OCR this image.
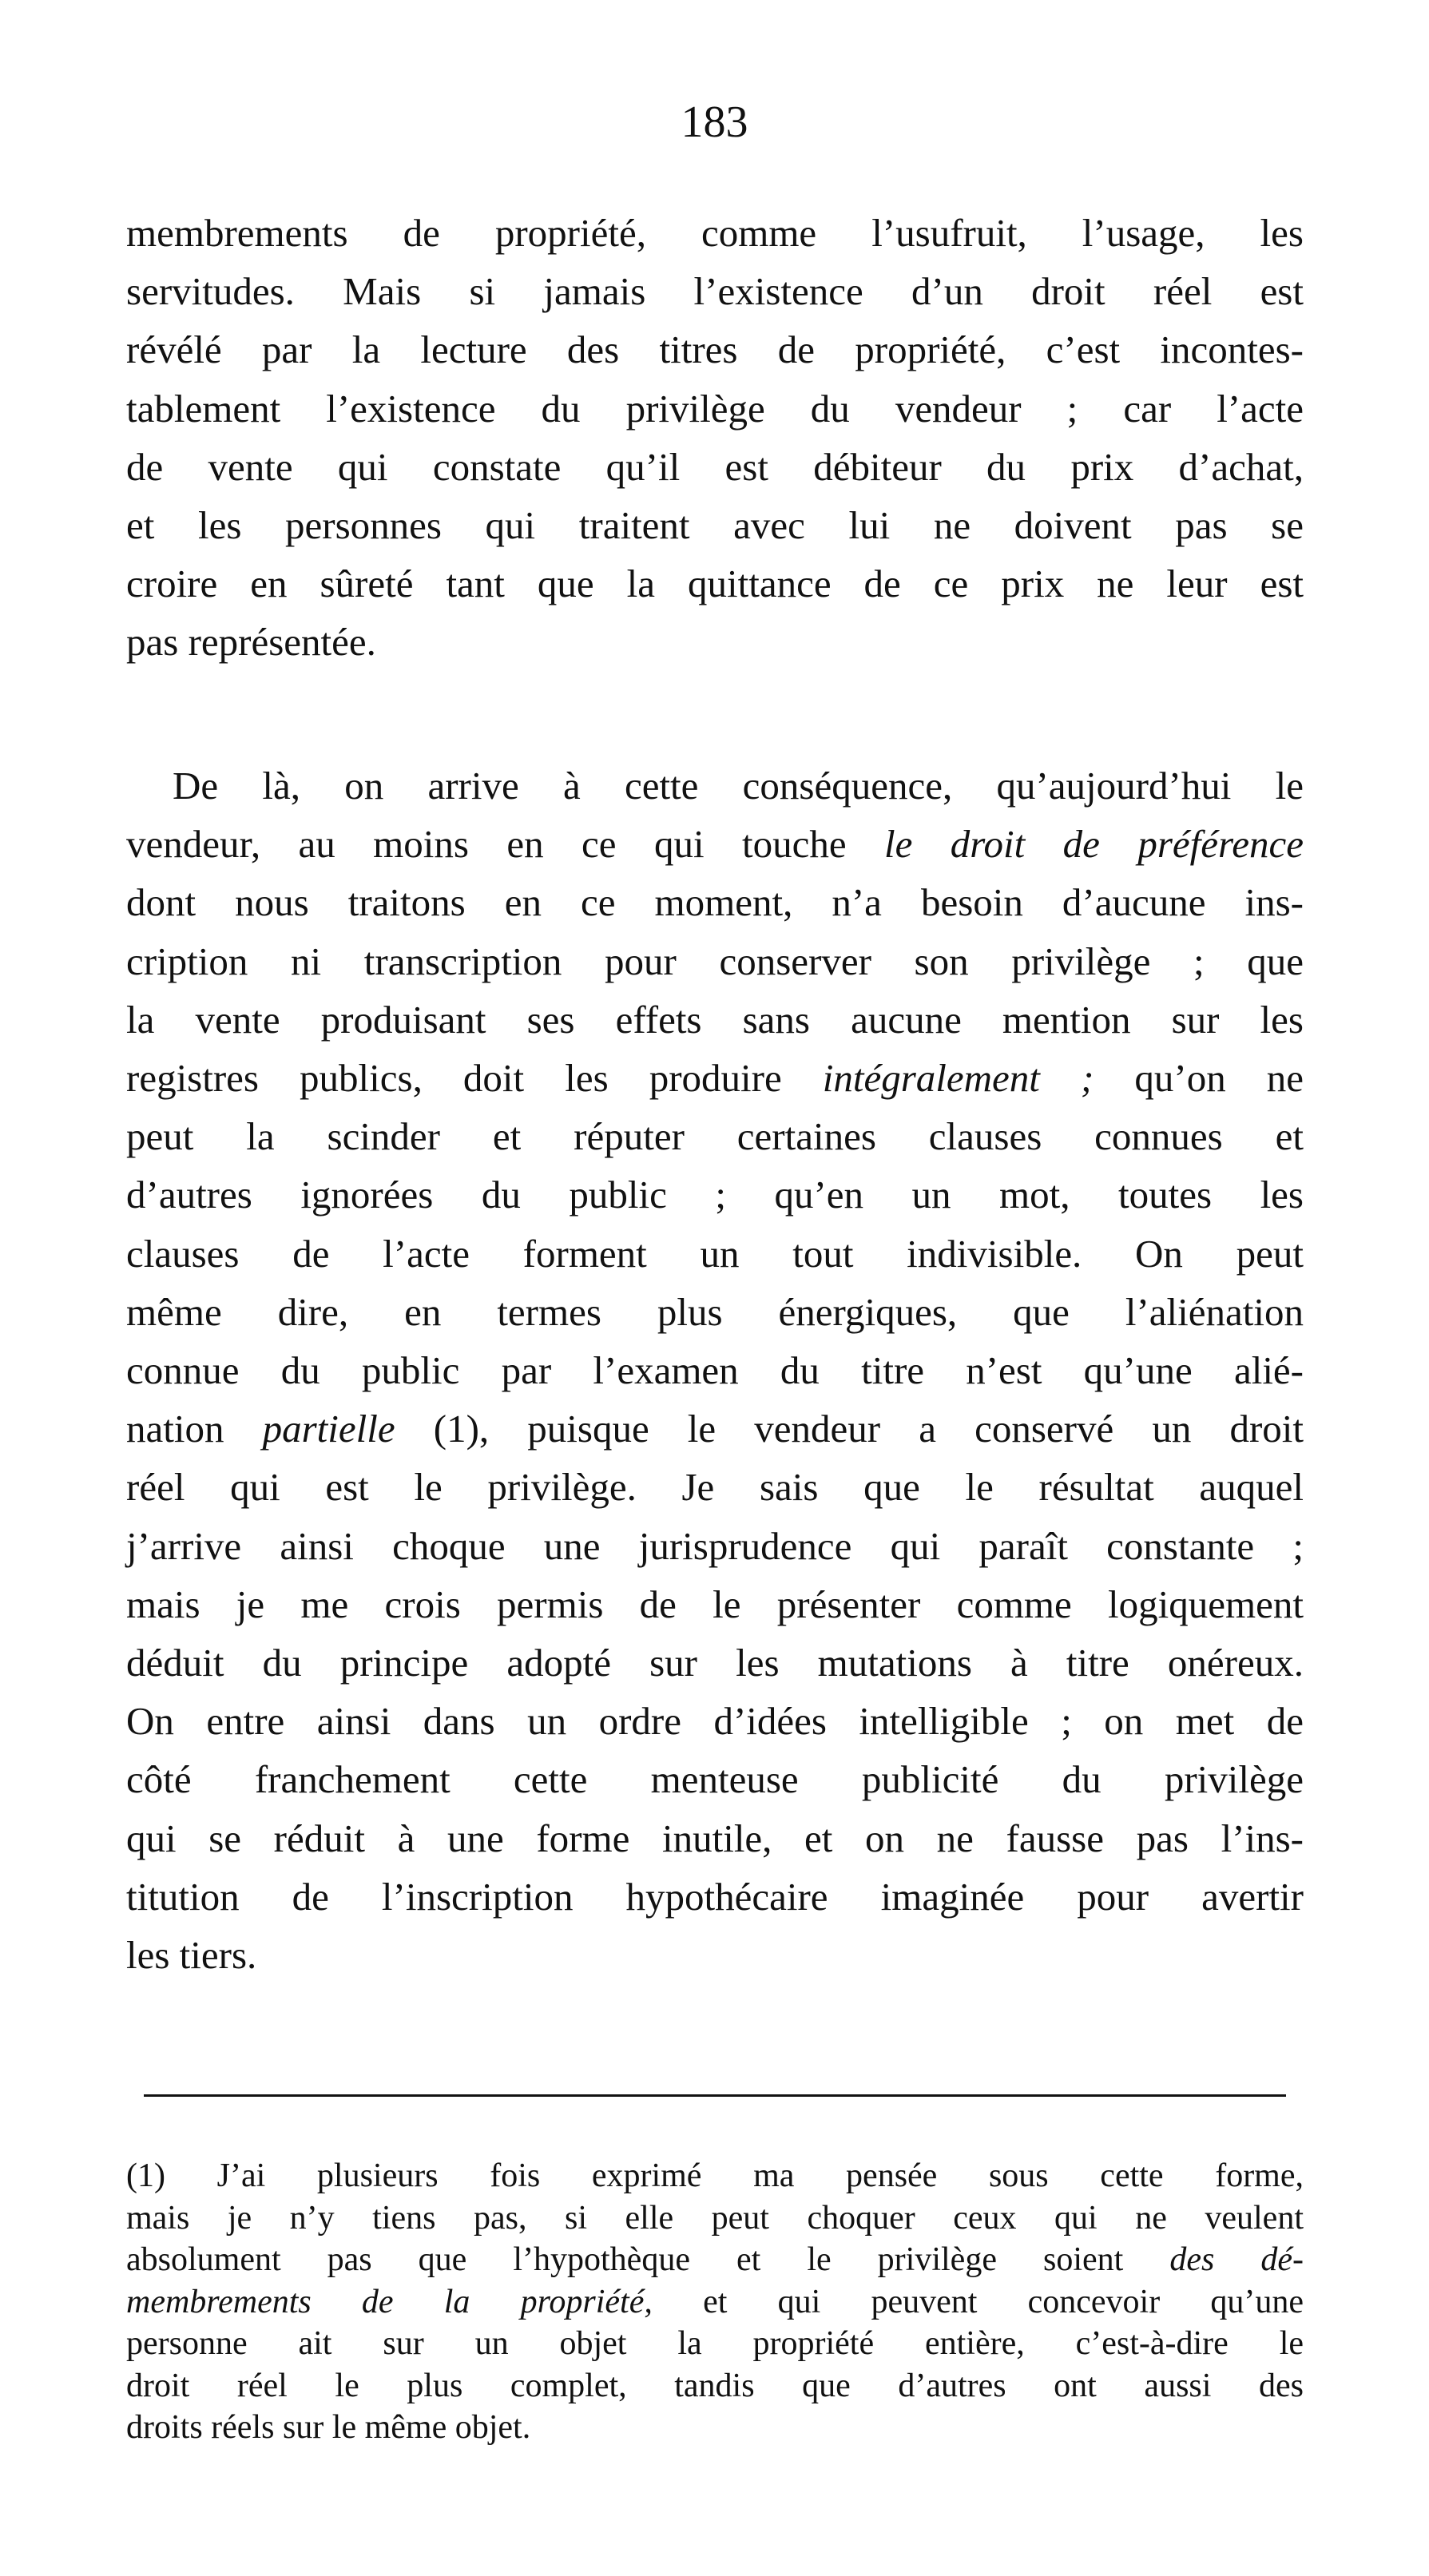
183
membrements de propriété, comme l’usufruit, l’usage, les
servitudes. Mais si jamais l’existence d’un droit réel est
révélé par la lecture des titres de propriété, c’est incontes-
tablement l’existence du privilège du vendeur ; car l’acte
de vente qui constate qu’il est débiteur du prix d’achat,
et les personnes qui traitent avec lui ne doivent pas se
croire en sûreté tant que la quittance de ce prix ne leur est
pas représentée.
De là, on arrive à cette conséquence, qu’aujourd’hui le
vendeur, au moins en ce qui touche le droit de préférence
dont nous traitons en ce moment, n’a besoin d’aucune ins-
cription ni transcription pour conserver son privilège ; que
la vente produisant ses effets sans aucune mention sur les
registres publics, doit les produire intégralement ; qu’on ne
peut la scinder et réputer certaines clauses connues et
d’autres ignorées du public ; qu’en un mot, toutes les
clauses de l’acte forment un tout indivisible. On peut
même dire, en termes plus énergiques, que l’aliénation
connue du public par l’examen du titre n’est qu’une alié-
nation partielle (1), puisque le vendeur a conservé un droit
réel qui est le privilège. Je sais que le résultat auquel
j’arrive ainsi choque une jurisprudence qui paraît constante ;
mais je me crois permis de le présenter comme logiquement
déduit du principe adopté sur les mutations à titre onéreux.
On entre ainsi dans un ordre d’idées intelligible ; on met de
côté franchement cette menteuse publicité du privilège
qui se réduit à une forme inutile, et on ne fausse pas l’ins-
titution de l’inscription hypothécaire imaginée pour avertir
les tiers.
(1) J’ai plusieurs fois exprimé ma pensée sous cette forme,
mais je n’y tiens pas, si elle peut choquer ceux qui ne veulent
absolument pas que l’hypothèque et le privilège soient des dé-
membrements de la propriété, et qui peuvent concevoir qu’une
personne ait sur un objet la propriété entière, c’est-à-dire le
droit réel le plus complet, tandis que d’autres ont aussi des
droits réels sur le même objet.
